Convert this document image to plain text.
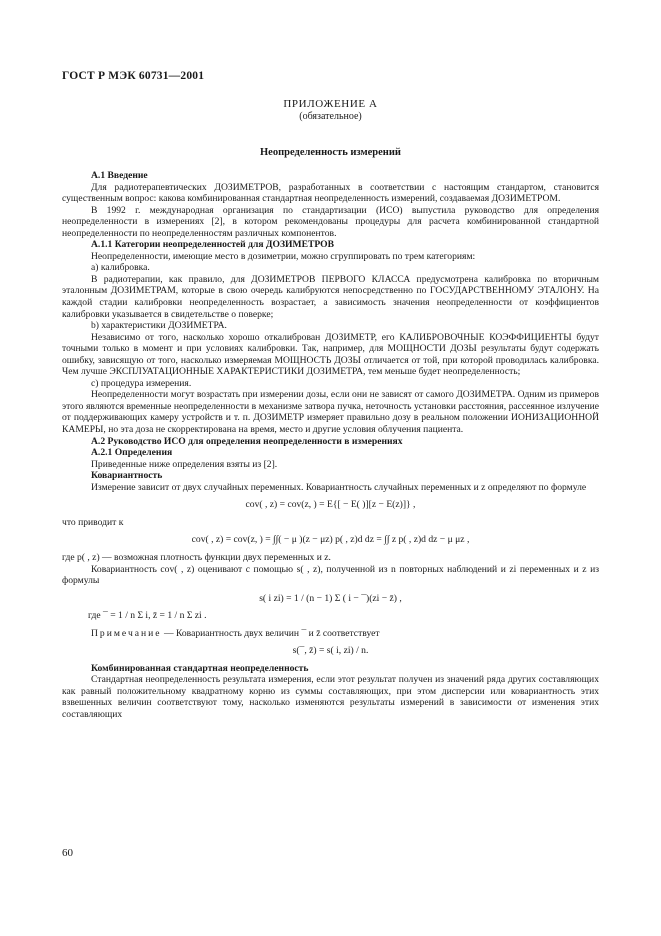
ГОСТ Р МЭК 60731—2001
ПРИЛОЖЕНИЕ А
(обязательное)
Неопределенность измерений

А.1 Введение

Для радиотерапевтических ДОЗИМЕТРОВ, разработанных в соответствии с настоящим стандартом, становится существенным вопрос: какова комбинированная стандартная неопределенность измерений, создаваемая ДОЗИМЕТРОМ.

В 1992 г. международная организация по стандартизации (ИСО) выпустила руководство для определения неопределенности в измерениях [2], в котором рекомендованы процедуры для расчета комбинированной стандартной неопределенности по неопределенностям различных компонентов.

А.1.1 Категории неопределенностей для ДОЗИМЕТРОВ

Неопределенности, имеющие место в дозиметрии, можно сгруппировать по трем категориям:

а) калибровка.

В радиотерапии, как правило, для ДОЗИМЕТРОВ ПЕРВОГО КЛАССА предусмотрена калибровка по вторичным эталонным ДОЗИМЕТРАМ, которые в свою очередь калибруются непосредственно по ГОСУДАРСТВЕННОМУ ЭТАЛОНУ. На каждой стадии калибровки неопределенность возрастает, а зависимость значения неопределенности от коэффициентов калибровки указывается в свидетельстве о поверке;

b) характеристики ДОЗИМЕТРА.

Независимо от того, насколько хорошо откалиброван ДОЗИМЕТР, его КАЛИБРОВОЧНЫЕ КОЭФФИЦИЕНТЫ будут точными только в момент и при условиях калибровки. Так, например, для МОЩНОСТИ ДОЗЫ результаты будут содержать ошибку, зависящую от того, насколько измеряемая МОЩНОСТЬ ДОЗЫ отличается от той, при которой проводилась калибровка. Чем лучше ЭКСПЛУАТАЦИОННЫЕ ХАРАКТЕРИСТИКИ ДОЗИМЕТРА, тем меньше будет неопределенность;

c) процедура измерения.

Неопределенности могут возрастать при измерении дозы, если они не зависят от самого ДОЗИМЕТРА. Одним из примеров этого являются временные неопределенности в механизме затвора пучка, неточность установки расстояния, рассеянное излучение от поддерживающих камеру устройств и т. п. ДОЗИМЕТР измеряет правильно дозу в реальном положении ИОНИЗАЦИОННОЙ КАМЕРЫ, но эта доза не скорректирована на время, место и другие условия облучения пациента.

А.2 Руководство ИСО для определения неопределенности в измерениях

А.2.1 Определения

Приведенные ниже определения взяты из [2].

Ковариантность

Измерение зависит от двух случайных переменных. Ковариантность случайных переменных и z определяют по формуле

cov( , z) = cov(z, ) = E{[ − E( )][z − E(z)]} ,

что приводит к

cov( , z) = cov(z, ) = ∫∫( − μ )(z − μz) p( , z)d dz = ∫∫ z p( , z)d dz − μ μz ,

где p( , z) — возможная плотность функции двух переменных и z.

Ковариантность cov( , z) оценивают с помощью s( , z), полученной из n повторных наблюдений и zi переменных и z из формулы

s( i zi) = 1 / (n − 1) Σ ( i − ¯)(zi − z̄) ,
где ¯ = 1 / n Σ i, z̄ = 1 / n Σ zi .

Примечание — Ковариантность двух величин ¯ и z̄ соответствует

s(¯, z̄) = s( i, zi) / n.

Комбинированная стандартная неопределенность

Стандартная неопределенность результата измерения, если этот результат получен из значений ряда других составляющих как равный положительному квадратному корню из суммы составляющих, при этом дисперсии или ковариантность этих взвешенных величин соответствуют тому, насколько изменяются результаты измерений в зависимости от изменения этих составляющих

60
